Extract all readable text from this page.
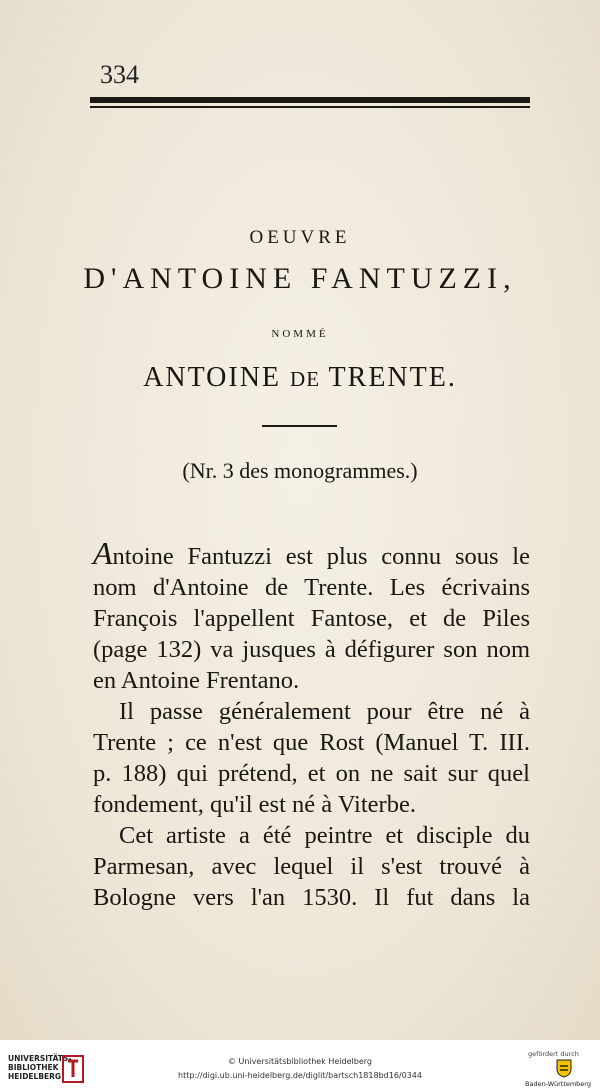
334
OEUVRE
D'ANTOINE FANTUZZI,
NOMMÉ
ANTOINE DE TRENTE.
(Nr. 3 des monogrammes.)
Antoine Fantuzzi est plus connu sous le
nom d'Antoine de Trente. Les écrivains
François l'appellent Fantose, et de Piles
(page 132) va jusques à défigurer son nom
en Antoine Frentano.
Il passe généralement pour être né à
Trente ; ce n'est que Rost (Manuel T. III.
p. 188) qui prétend, et on ne sait sur quel
fondement, qu'il est né à Viterbe.
Cet artiste a été peintre et disciple du
Parmesan, avec lequel il s'est trouvé à
Bologne vers l'an 1530. Il fut dans la
UNIVERSITÄTS-
BIBLIOTHEK
HEIDELBERG
© Universitätsbibliothek Heidelberg
http://digi.ub.uni-heidelberg.de/diglit/bartsch1818bd16/0344
gefördert durch
Baden-Württemberg
